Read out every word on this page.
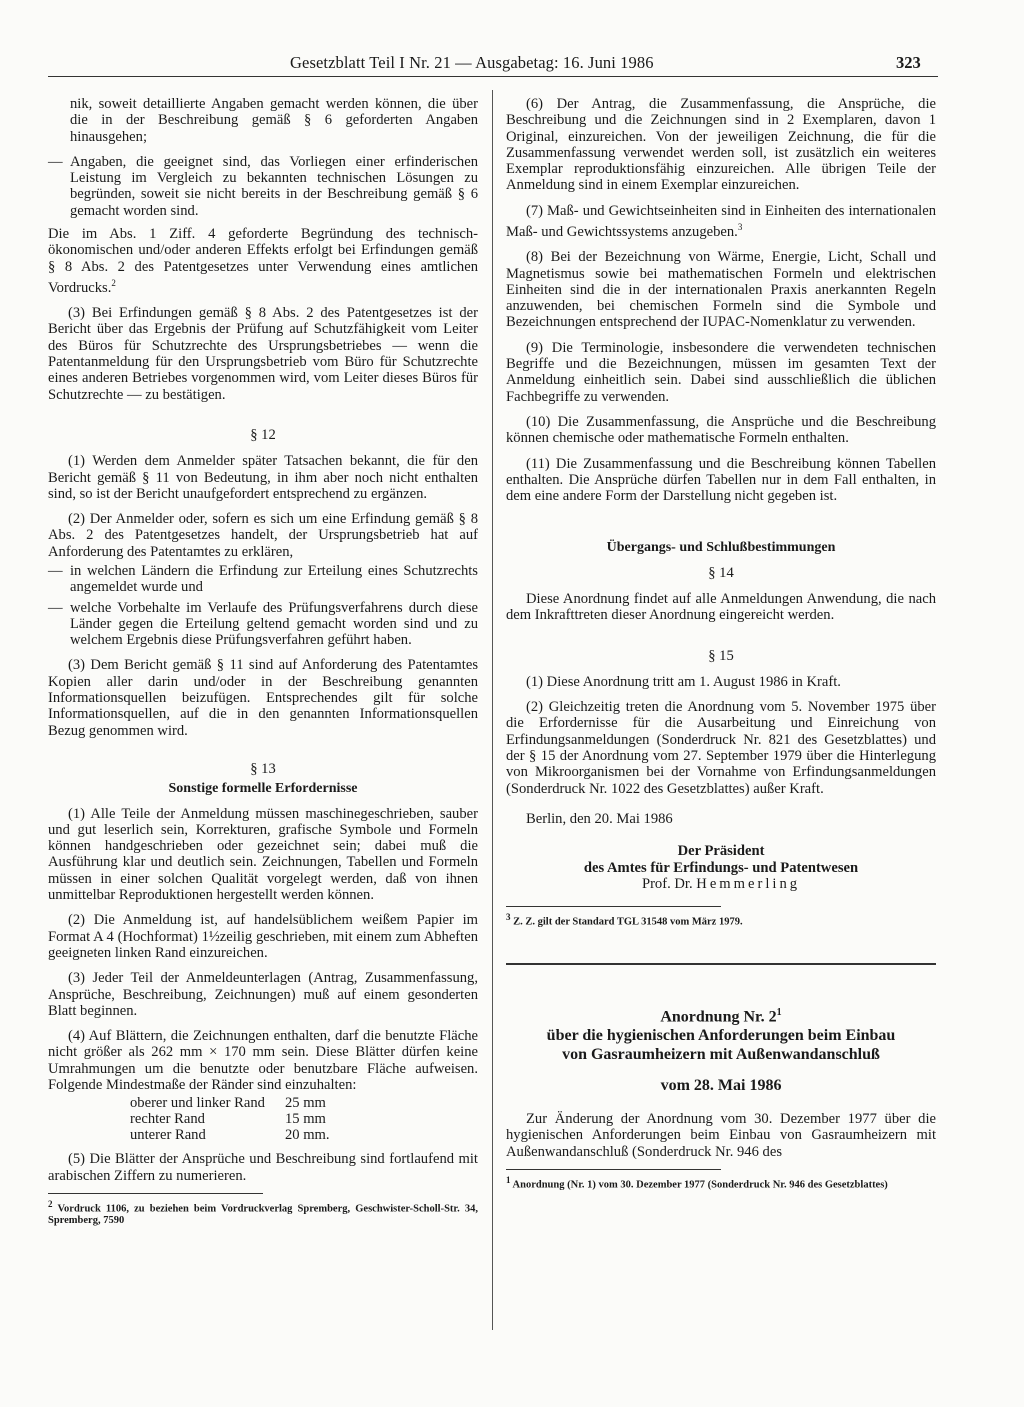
Gesetzblatt Teil I Nr. 21 — Ausgabetag: 16. Juni 1986	323

nik, soweit detaillierte Angaben gemacht werden können, die über die in der Beschreibung gemäß § 6 geforderten Angaben hinausgehen;

— Angaben, die geeignet sind, das Vorliegen einer erfinderischen Leistung im Vergleich zu bekannten technischen Lösungen zu begründen, soweit sie nicht bereits in der Beschreibung gemäß § 6 gemacht worden sind.

Die im Abs. 1 Ziff. 4 geforderte Begründung des technisch-ökonomischen und/oder anderen Effekts erfolgt bei Erfindungen gemäß § 8 Abs. 2 des Patentgesetzes unter Verwendung eines amtlichen Vordrucks.$^2$

(3) Bei Erfindungen gemäß § 8 Abs. 2 des Patentgesetzes ist der Bericht über das Ergebnis der Prüfung auf Schutzfähigkeit vom Leiter des Büros für Schutzrechte des Ursprungsbetriebes — wenn die Patentanmeldung für den Ursprungsbetrieb vom Büro für Schutzrechte eines anderen Betriebes vorgenommen wird, vom Leiter dieses Büros für Schutzrechte — zu bestätigen.

§ 12

(1) Werden dem Anmelder später Tatsachen bekannt, die für den Bericht gemäß § 11 von Bedeutung, in ihm aber noch nicht enthalten sind, so ist der Bericht unaufgefordert entsprechend zu ergänzen.

(2) Der Anmelder oder, sofern es sich um eine Erfindung gemäß § 8 Abs. 2 des Patentgesetzes handelt, der Ursprungsbetrieb hat auf Anforderung des Patentamtes zu erklären,

— in welchen Ländern die Erfindung zur Erteilung eines Schutzrechts angemeldet wurde und
— welche Vorbehalte im Verlaufe des Prüfungsverfahrens durch diese Länder gegen die Erteilung geltend gemacht worden sind und zu welchem Ergebnis diese Prüfungsverfahren geführt haben.

(3) Dem Bericht gemäß § 11 sind auf Anforderung des Patentamtes Kopien aller darin und/oder in der Beschreibung genannten Informationsquellen beizufügen. Entsprechendes gilt für solche Informationsquellen, auf die in den genannten Informationsquellen Bezug genommen wird.

§ 13
Sonstige formelle Erfordernisse

(1) Alle Teile der Anmeldung müssen maschinegeschrieben, sauber und gut leserlich sein, Korrekturen, grafische Symbole und Formeln können handgeschrieben oder gezeichnet sein; dabei muß die Ausführung klar und deutlich sein. Zeichnungen, Tabellen und Formeln müssen in einer solchen Qualität vorgelegt werden, daß von ihnen unmittelbar Reproduktionen hergestellt werden können.

(2) Die Anmeldung ist, auf handelsüblichem weißem Papier im Format A 4 (Hochformat) 1½zeilig geschrieben, mit einem zum Abheften geeigneten linken Rand einzureichen.

(3) Jeder Teil der Anmeldeunterlagen (Antrag, Zusammenfassung, Ansprüche, Beschreibung, Zeichnungen) muß auf einem gesonderten Blatt beginnen.

(4) Auf Blättern, die Zeichnungen enthalten, darf die benutzte Fläche nicht größer als 262 mm × 170 mm sein. Diese Blätter dürfen keine Umrahmungen um die benutzte oder benutzbare Fläche aufweisen. Folgende Mindestmaße der Ränder sind einzuhalten:

oberer und linker Rand	25 mm
rechter Rand	15 mm
unterer Rand	20 mm.

(5) Die Blätter der Ansprüche und Beschreibung sind fortlaufend mit arabischen Ziffern zu numerieren.

$^2$ Vordruck 1106, zu beziehen beim Vordruckverlag Spremberg, Geschwister-Scholl-Str. 34, Spremberg, 7590

(6) Der Antrag, die Zusammenfassung, die Ansprüche, die Beschreibung und die Zeichnungen sind in 2 Exemplaren, davon 1 Original, einzureichen. Von der jeweiligen Zeichnung, die für die Zusammenfassung verwendet werden soll, ist zusätzlich ein weiteres Exemplar reproduktionsfähig einzureichen. Alle übrigen Teile der Anmeldung sind in einem Exemplar einzureichen.

(7) Maß- und Gewichtseinheiten sind in Einheiten des internationalen Maß- und Gewichtssystems anzugeben.$^3$

(8) Bei der Bezeichnung von Wärme, Energie, Licht, Schall und Magnetismus sowie bei mathematischen Formeln und elektrischen Einheiten sind die in der internationalen Praxis anerkannten Regeln anzuwenden, bei chemischen Formeln sind die Symbole und Bezeichnungen entsprechend der IUPAC-Nomenklatur zu verwenden.

(9) Die Terminologie, insbesondere die verwendeten technischen Begriffe und die Bezeichnungen, müssen im gesamten Text der Anmeldung einheitlich sein. Dabei sind ausschließlich die üblichen Fachbegriffe zu verwenden.

(10) Die Zusammenfassung, die Ansprüche und die Beschreibung können chemische oder mathematische Formeln enthalten.

(11) Die Zusammenfassung und die Beschreibung können Tabellen enthalten. Die Ansprüche dürfen Tabellen nur in dem Fall enthalten, in dem eine andere Form der Darstellung nicht gegeben ist.

Übergangs- und Schlußbestimmungen
§ 14

Diese Anordnung findet auf alle Anmeldungen Anwendung, die nach dem Inkrafttreten dieser Anordnung eingereicht werden.

§ 15

(1) Diese Anordnung tritt am 1. August 1986 in Kraft.

(2) Gleichzeitig treten die Anordnung vom 5. November 1975 über die Erfordernisse für die Ausarbeitung und Einreichung von Erfindungsanmeldungen (Sonderdruck Nr. 821 des Gesetzblattes) und der § 15 der Anordnung vom 27. September 1979 über die Hinterlegung von Mikroorganismen bei der Vornahme von Erfindungsanmeldungen (Sonderdruck Nr. 1022 des Gesetzblattes) außer Kraft.

Berlin, den 20. Mai 1986

Der Präsident
des Amtes für Erfindungs- und Patentwesen
Prof. Dr. Hemmerling
$^3$ Z. Z. gilt der Standard TGL 31548 vom März 1979.
Anordnung Nr. $2^1$
über die hygienischen Anforderungen beim Einbau
von Gasraumheizern mit Außenwandanschluß
vom 28. Mai 1986

Zur Änderung der Anordnung vom 30. Dezember 1977 über die hygienischen Anforderungen beim Einbau von Gasraumheizern mit Außenwandanschluß (Sonderdruck Nr. 946 des

$^1$ Anordnung (Nr. 1) vom 30. Dezember 1977 (Sonderdruck Nr. 946 des Gesetzblattes)
